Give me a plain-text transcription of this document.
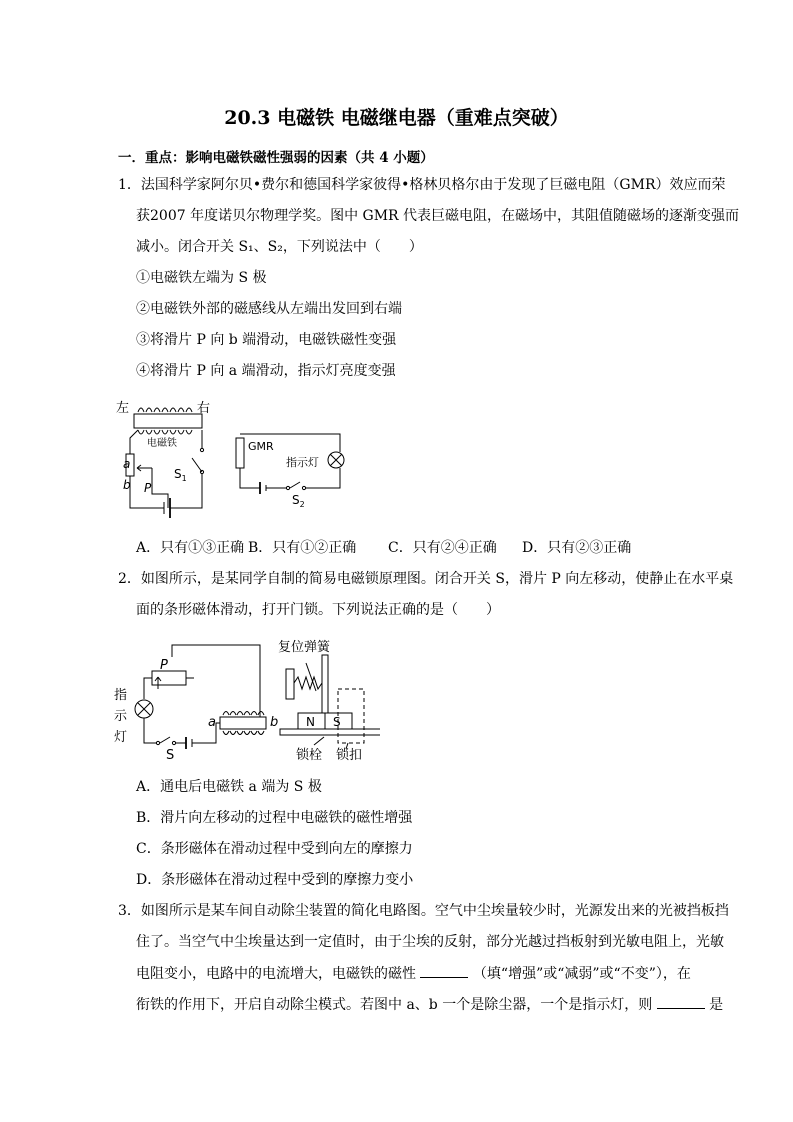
20.3 电磁铁 电磁继电器（重难点突破）
一．重点：影响电磁铁磁性强弱的因素（共 4 小题）
1．法国科学家阿尔贝•费尔和德国科学家彼得•格林贝格尔由于发现了巨磁电阻（GMR）效应而荣
获2007 年度诺贝尔物理学奖。图中 GMR 代表巨磁电阻，在磁场中，其阻值随磁场的逐渐变强而
减小。闭合开关 S₁、S₂，下列说法中（　　）
①电磁铁左端为 S 极
②电磁铁外部的磁感线从左端出发回到右端
③将滑片 P 向 b 端滑动，电磁铁磁性变强
④将滑片 P 向 a 端滑动，指示灯亮度变强
左	右
电磁铁
a
b P
$S_1$
GMR
指示灯
$S_2$
A．只有①③正确 B．只有①②正确 C．只有②④正确 D．只有②③正确
2．如图所示，是某同学自制的简易电磁锁原理图。闭合开关 S，滑片 P 向左移动，使静止在水平桌
面的条形磁体滑动，打开门锁。下列说法正确的是（　　）
复位弹簧
P
指
示
灯
a	b
S
N S
锁栓 锁扣
A．通电后电磁铁 a 端为 S 极
B．滑片向左移动的过程中电磁铁的磁性增强
C．条形磁体在滑动过程中受到向左的摩擦力
D．条形磁体在滑动过程中受到的摩擦力变小
3．如图所示是某车间自动除尘装置的简化电路图。空气中尘埃量较少时，光源发出来的光被挡板挡
住了。当空气中尘埃量达到一定值时，由于尘埃的反射，部分光越过挡板射到光敏电阻上，光敏
电阻变小，电路中的电流增大，电磁铁的磁性	（填“增强”或“减弱”或“不变”），在
衔铁的作用下，开启自动除尘模式。若图中 a、b 一个是除尘器，一个是指示灯，则	是
